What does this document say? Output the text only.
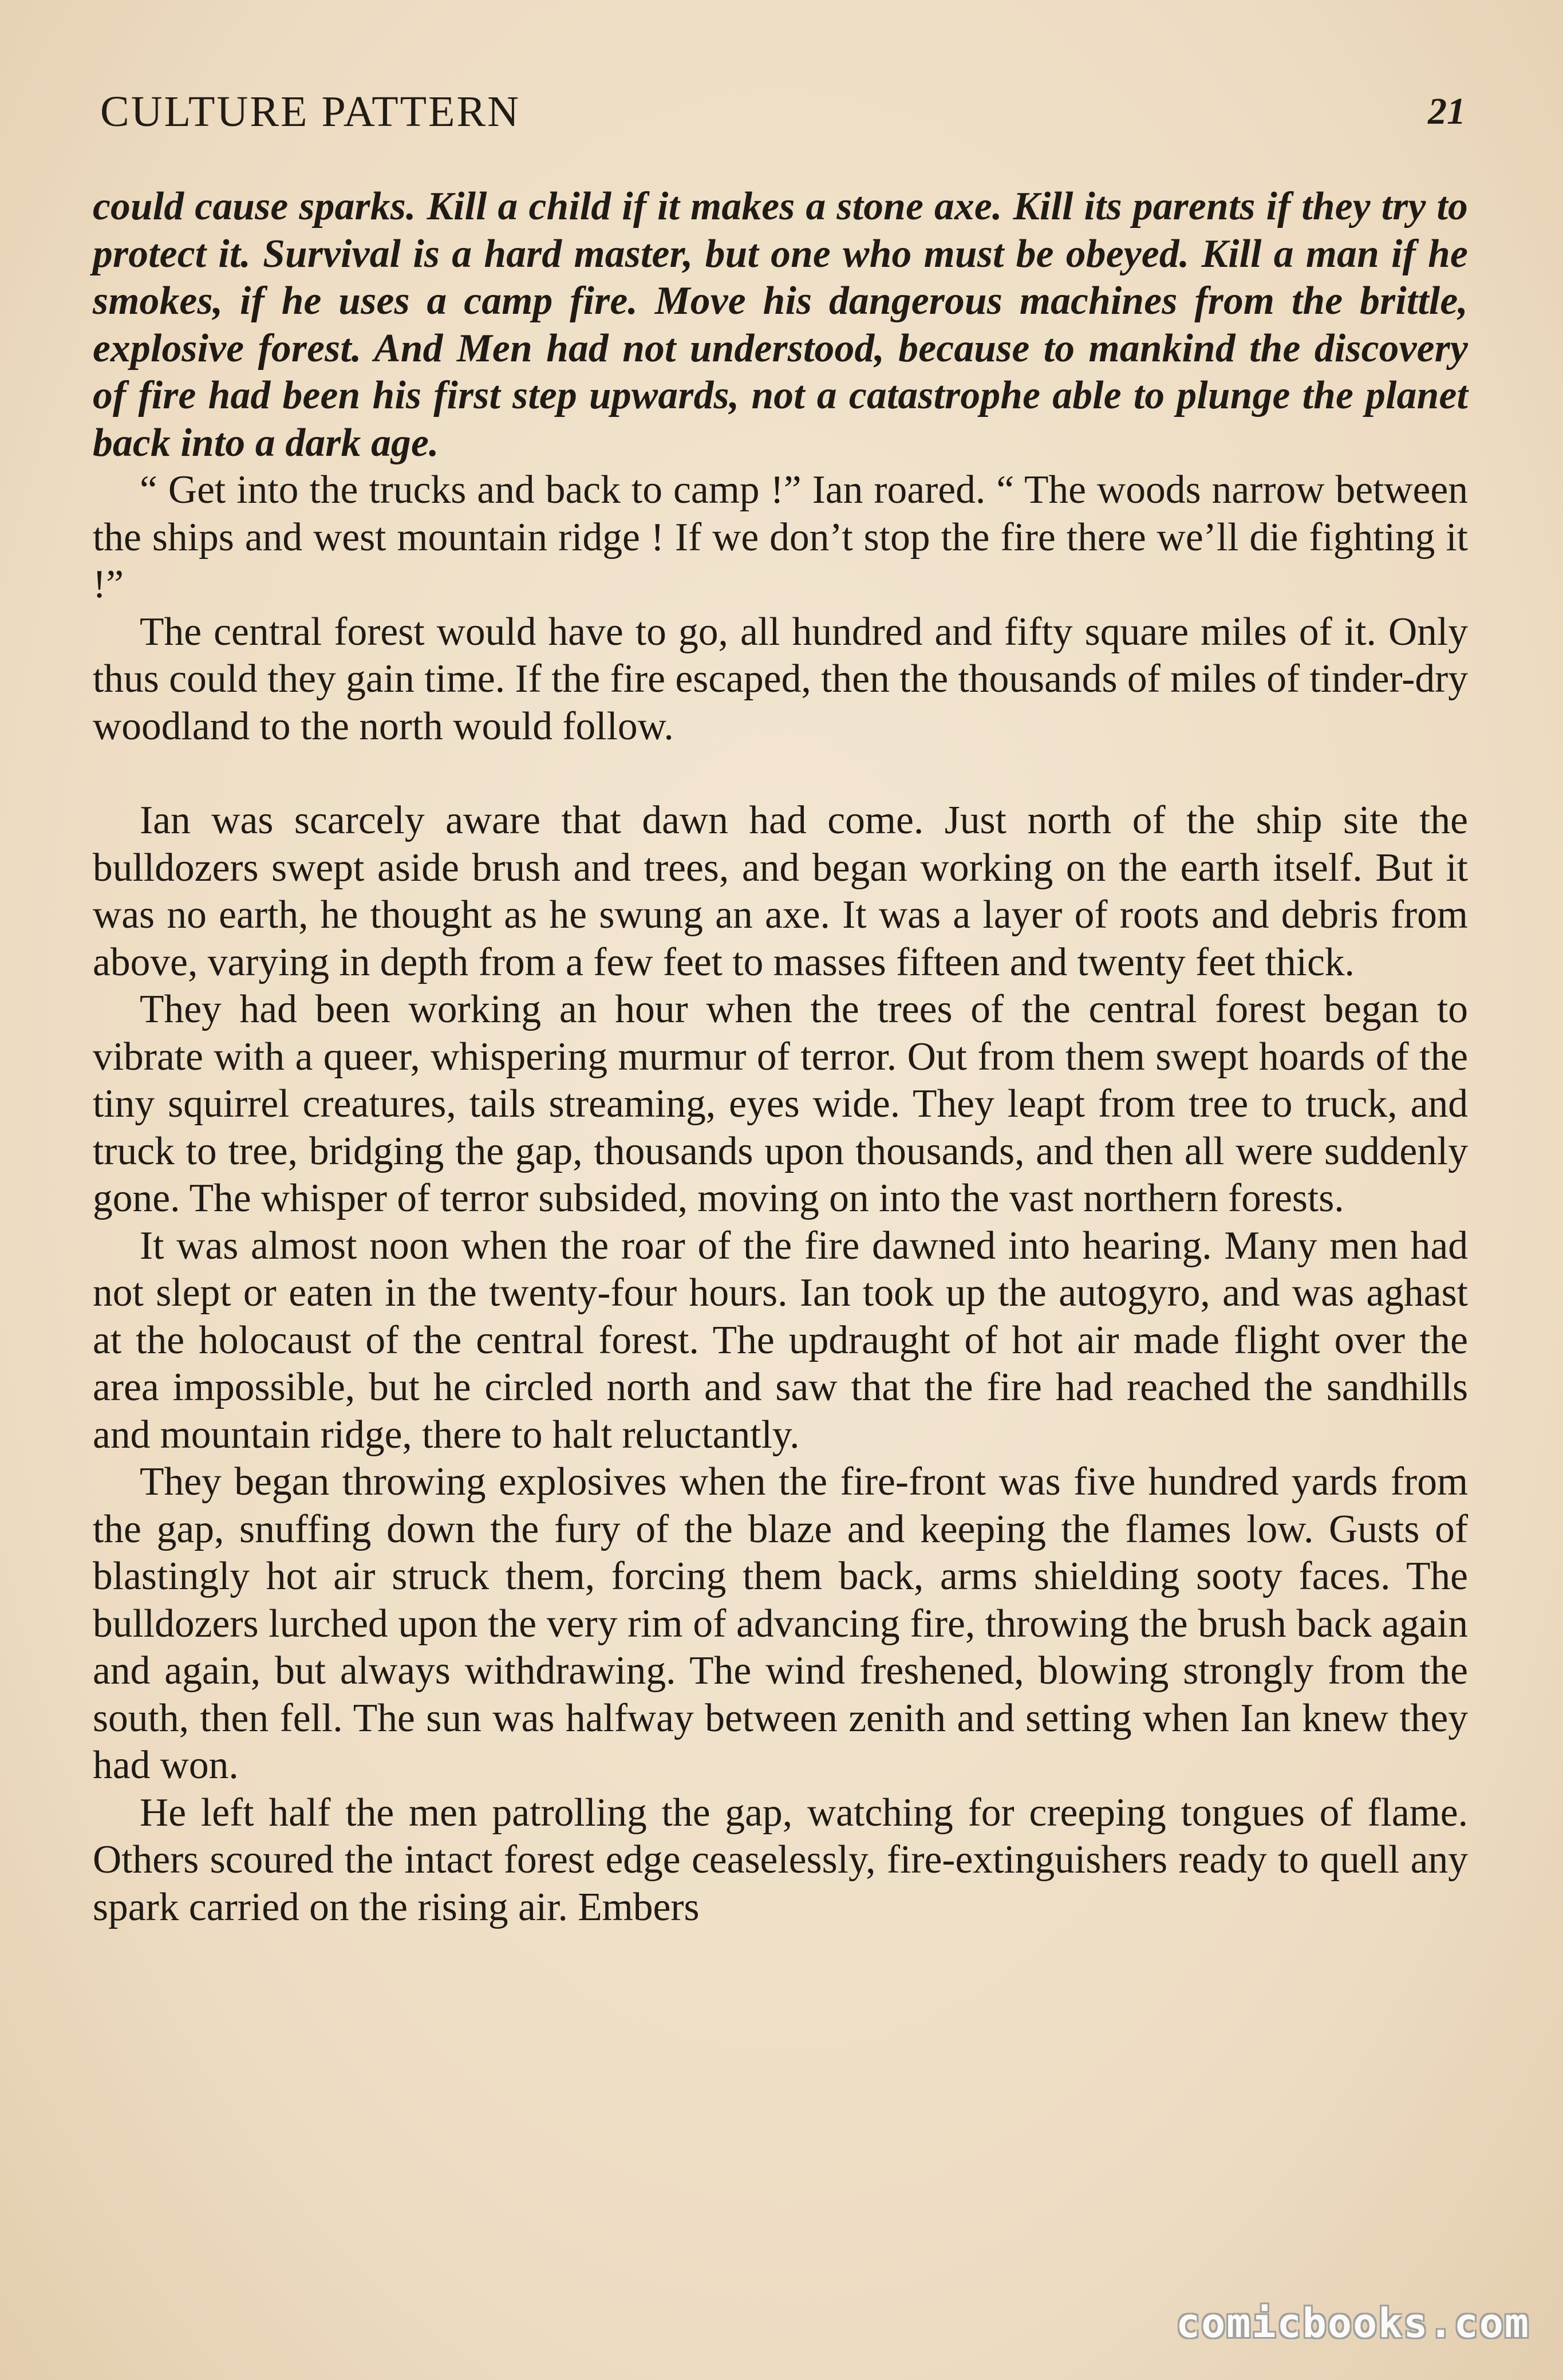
CULTURE PATTERN	21

could cause sparks. Kill a child if it makes a stone axe. Kill its parents if they try to protect it. Survival is a hard master, but one who must be obeyed. Kill a man if he smokes, if he uses a camp fire. Move his dangerous machines from the brittle, explosive forest. And Men had not understood, because to mankind the discovery of fire had been his first step upwards, not a catastrophe able to plunge the planet back into a dark age.

“ Get into the trucks and back to camp !” Ian roared. “ The woods narrow between the ships and west mountain ridge ! If we don’t stop the fire there we’ll die fighting it !”

The central forest would have to go, all hundred and fifty square miles of it. Only thus could they gain time. If the fire escaped, then the thousands of miles of tinder-dry woodland to the north would follow.

Ian was scarcely aware that dawn had come. Just north of the ship site the bulldozers swept aside brush and trees, and began working on the earth itself. But it was no earth, he thought as he swung an axe. It was a layer of roots and debris from above, varying in depth from a few feet to masses fifteen and twenty feet thick.

They had been working an hour when the trees of the central forest began to vibrate with a queer, whispering murmur of terror. Out from them swept hoards of the tiny squirrel creatures, tails streaming, eyes wide. They leapt from tree to truck, and truck to tree, bridging the gap, thousands upon thousands, and then all were suddenly gone. The whisper of terror subsided, moving on into the vast northern forests.

It was almost noon when the roar of the fire dawned into hearing. Many men had not slept or eaten in the twenty-four hours. Ian took up the autogyro, and was aghast at the holocaust of the central forest. The updraught of hot air made flight over the area impossible, but he circled north and saw that the fire had reached the sandhills and mountain ridge, there to halt reluctantly.

They began throwing explosives when the fire-front was five hundred yards from the gap, snuffing down the fury of the blaze and keeping the flames low. Gusts of blastingly hot air struck them, forcing them back, arms shielding sooty faces. The bulldozers lurched upon the very rim of advancing fire, throwing the brush back again and again, but always withdrawing. The wind freshened, blowing strongly from the south, then fell. The sun was halfway between zenith and setting when Ian knew they had won.

He left half the men patrolling the gap, watching for creeping tongues of flame. Others scoured the intact forest edge ceaselessly, fire-extinguishers ready to quell any spark carried on the rising air. Embers

comicbooks.com
